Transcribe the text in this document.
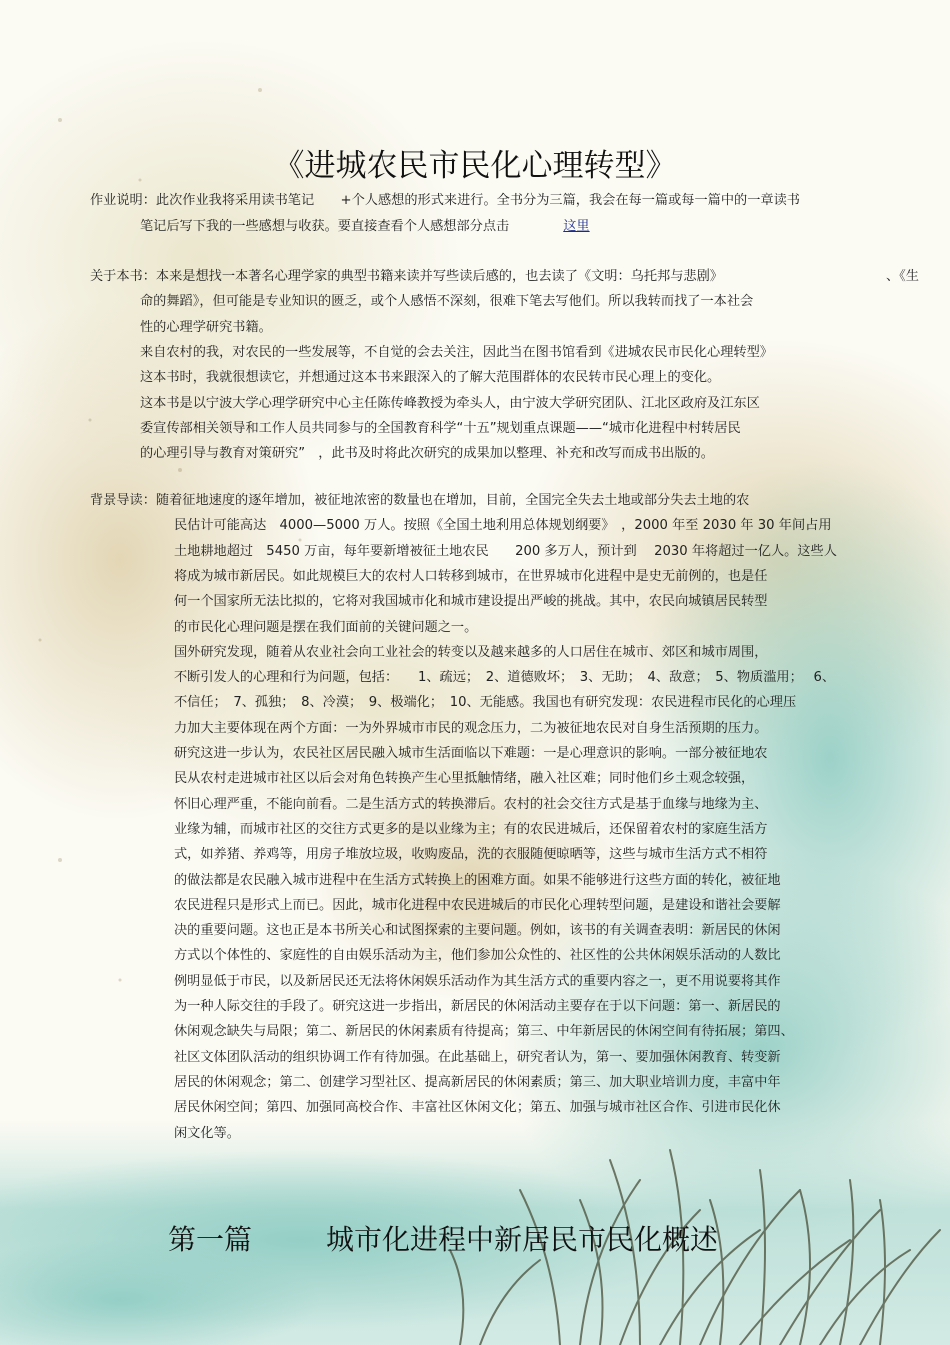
《进城农民市民化心理转型》
作业说明：此次作业我将采用读书笔记　　+个人感想的形式来进行。全书分为三篇，我会在每一篇或每一篇中的一章读书
笔记后写下我的一些感想与收获。要直接查看个人感想部分点击	这里
关于本书：本来是想找一本著名心理学家的典型书籍来读并写些读后感的，也去读了《文明：乌托邦与悲剧》
命的舞蹈》，但可能是专业知识的匮乏，或个人感悟不深刻，很难下笔去写他们。所以我转而找了一本社会
性的心理学研究书籍。
来自农村的我，对农民的一些发展等，不自觉的会去关注，因此当在图书馆看到《进城农民市民化心理转型》
这本书时，我就很想读它，并想通过这本书来跟深入的了解大范围群体的农民转市民心理上的变化。
这本书是以宁波大学心理学研究中心主任陈传峰教授为牵头人，由宁波大学研究团队、江北区政府及江东区
委宣传部相关领导和工作人员共同参与的全国教育科学“十五”规划重点课题——“城市化进程中村转居民
的心理引导与教育对策研究”　，此书及时将此次研究的成果加以整理、补充和改写而成书出版的。
、《生
背景导读：随着征地速度的逐年增加，被征地浓密的数量也在增加，目前，全国完全失去土地或部分失去土地的农
民估计可能高达　4000—5000 万人。按照《全国土地利用总体规划纲要》　，2000 年至 2030 年 30 年间占用
土地耕地超过　5450 万亩，每年要新增被征土地农民　　200 多万人，预计到　 2030 年将超过一亿人。这些人
将成为城市新居民。如此规模巨大的农村人口转移到城市，在世界城市化进程中是史无前例的，也是任
何一个国家所无法比拟的，它将对我国城市化和城市建设提出严峻的挑战。其中，农民向城镇居民转型
的市民化心理问题是摆在我们面前的关键问题之一。
国外研究发现，随着从农业社会向工业社会的转变以及越来越多的人口居住在城市、郊区和城市周围，
不断引发人的心理和行为问题，包括：　　1、疏远；　2、道德败坏；　3、无助；　4、敌意；　5、物质滥用；　 6、
不信任；　7、孤独；　8、冷漠；　9、极端化；　10、无能感。我国也有研究发现：农民进程市民化的心理压
力加大主要体现在两个方面：一为外界城市市民的观念压力，二为被征地农民对自身生活预期的压力。
研究这进一步认为，农民社区居民融入城市生活面临以下难题：一是心理意识的影响。一部分被征地农
民从农村走进城市社区以后会对角色转换产生心里抵触情绪，融入社区难；同时他们乡土观念较强，
怀旧心理严重，不能向前看。二是生活方式的转换滞后。农村的社会交往方式是基于血缘与地缘为主、
业缘为辅，而城市社区的交往方式更多的是以业缘为主；有的农民进城后，还保留着农村的家庭生活方
式，如养猪、养鸡等，用房子堆放垃圾，收购废品，洗的衣服随便晾晒等，这些与城市生活方式不相符
的做法都是农民融入城市进程中在生活方式转换上的困难方面。如果不能够进行这些方面的转化，被征地
农民进程只是形式上而已。因此，城市化进程中农民进城后的市民化心理转型问题，是建设和谐社会要解
决的重要问题。这也正是本书所关心和试图探索的主要问题。例如，该书的有关调查表明：新居民的休闲
方式以个体性的、家庭性的自由娱乐活动为主，他们参加公众性的、社区性的公共休闲娱乐活动的人数比
例明显低于市民，以及新居民还无法将休闲娱乐活动作为其生活方式的重要内容之一，更不用说要将其作
为一种人际交往的手段了。研究这进一步指出，新居民的休闲活动主要存在于以下问题：第一、新居民的
休闲观念缺失与局限；第二、新居民的休闲素质有待提高；第三、中年新居民的休闲空间有待拓展；第四、
社区文体团队活动的组织协调工作有待加强。在此基础上，研究者认为，第一、要加强休闲教育、转变新
居民的休闲观念；第二、创建学习型社区、提高新居民的休闲素质；第三、加大职业培训力度，丰富中年
居民休闲空间；第四、加强同高校合作、丰富社区休闲文化；第五、加强与城市社区合作、引进市民化休
闲文化等。
第一篇	城市化进程中新居民市民化概述
